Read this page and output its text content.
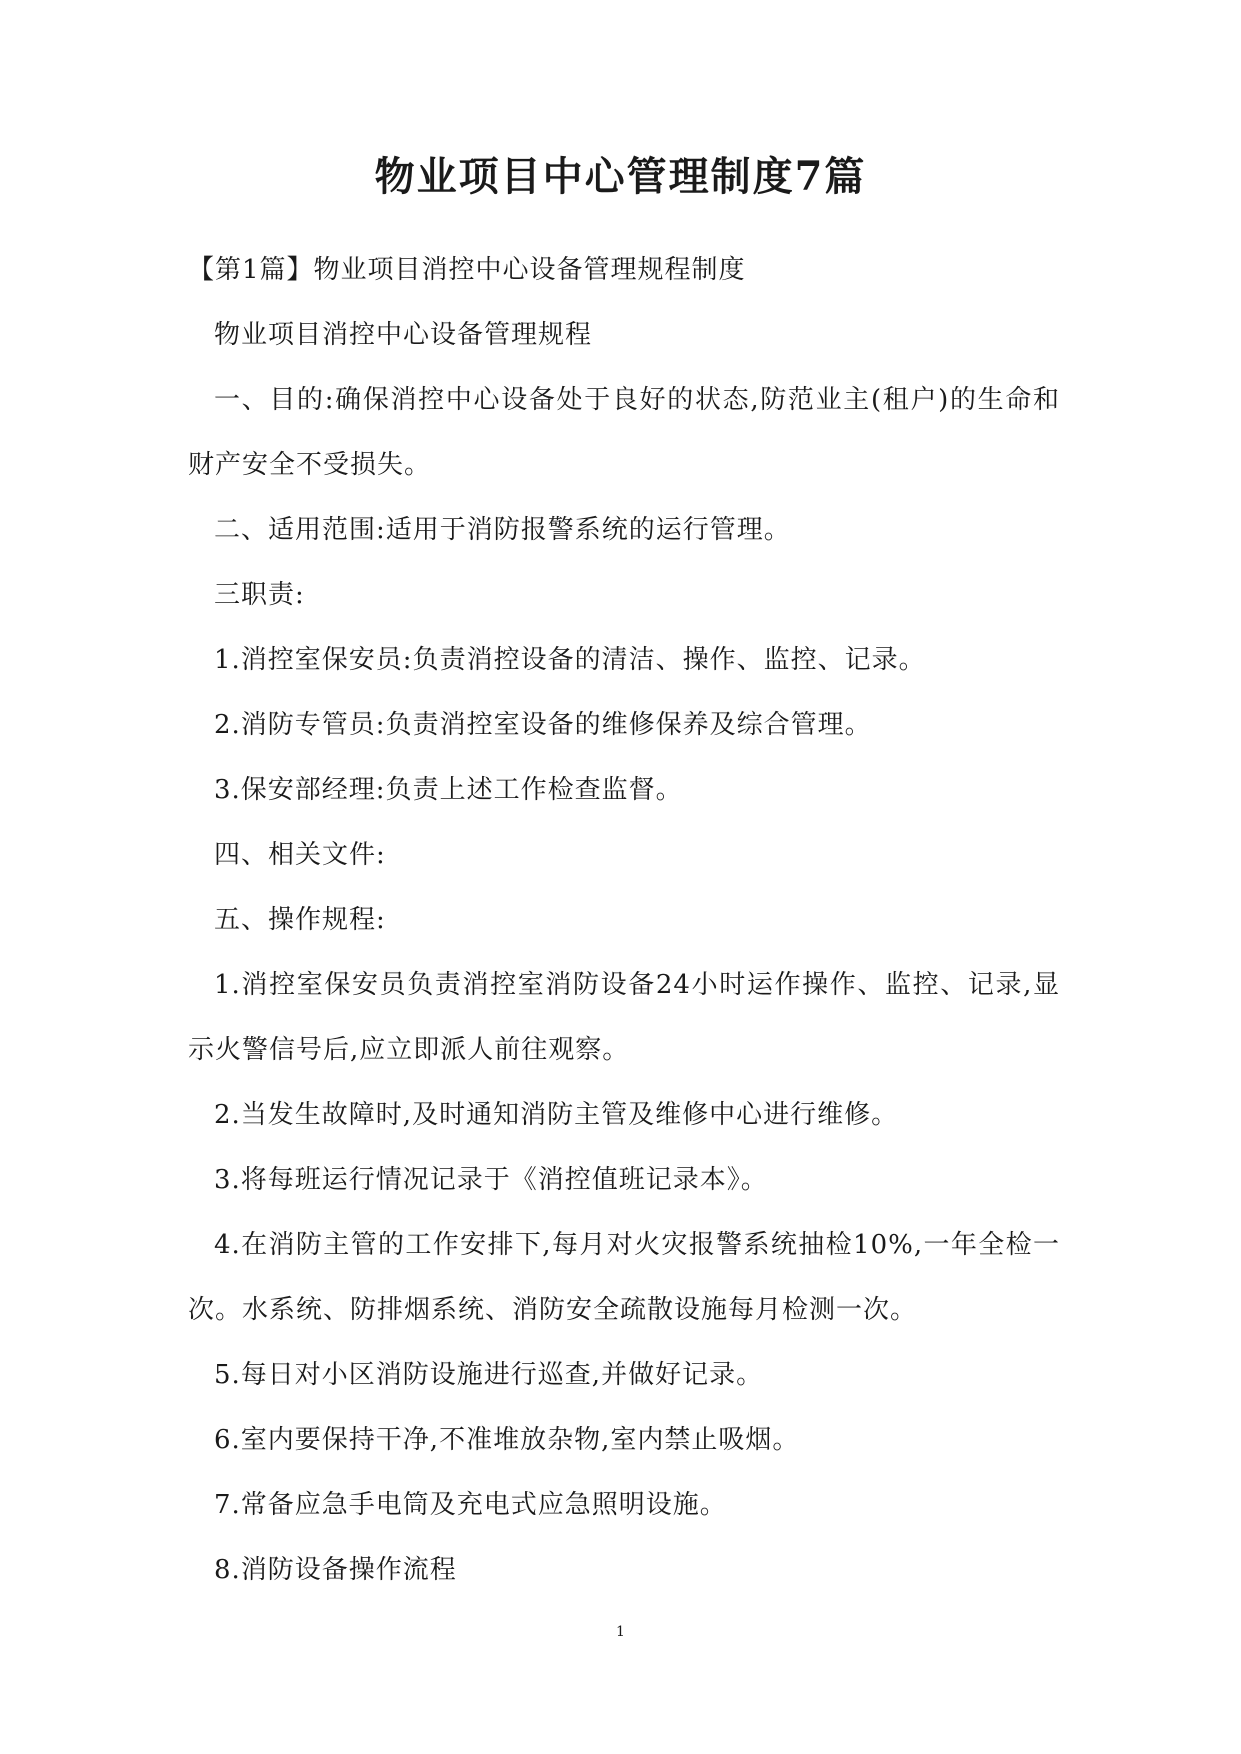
物业项目中心管理制度7篇

【第1篇】物业项目消控中心设备管理规程制度

物业项目消控中心设备管理规程

一、目的:确保消控中心设备处于良好的状态,防范业主(租户)的生命和财产安全不受损失。

二、适用范围:适用于消防报警系统的运行管理。

三职责:

1.消控室保安员:负责消控设备的清洁、操作、监控、记录。

2.消防专管员:负责消控室设备的维修保养及综合管理。

3.保安部经理:负责上述工作检查监督。

四、相关文件:

五、操作规程:

1.消控室保安员负责消控室消防设备24小时运作操作、监控、记录,显示火警信号后,应立即派人前往观察。

2.当发生故障时,及时通知消防主管及维修中心进行维修。

3.将每班运行情况记录于《消控值班记录本》。

4.在消防主管的工作安排下,每月对火灾报警系统抽检10%,一年全检一次。水系统、防排烟系统、消防安全疏散设施每月检测一次。

5.每日对小区消防设施进行巡查,并做好记录。

6.室内要保持干净,不准堆放杂物,室内禁止吸烟。

7.常备应急手电筒及充电式应急照明设施。

8.消防设备操作流程

1
